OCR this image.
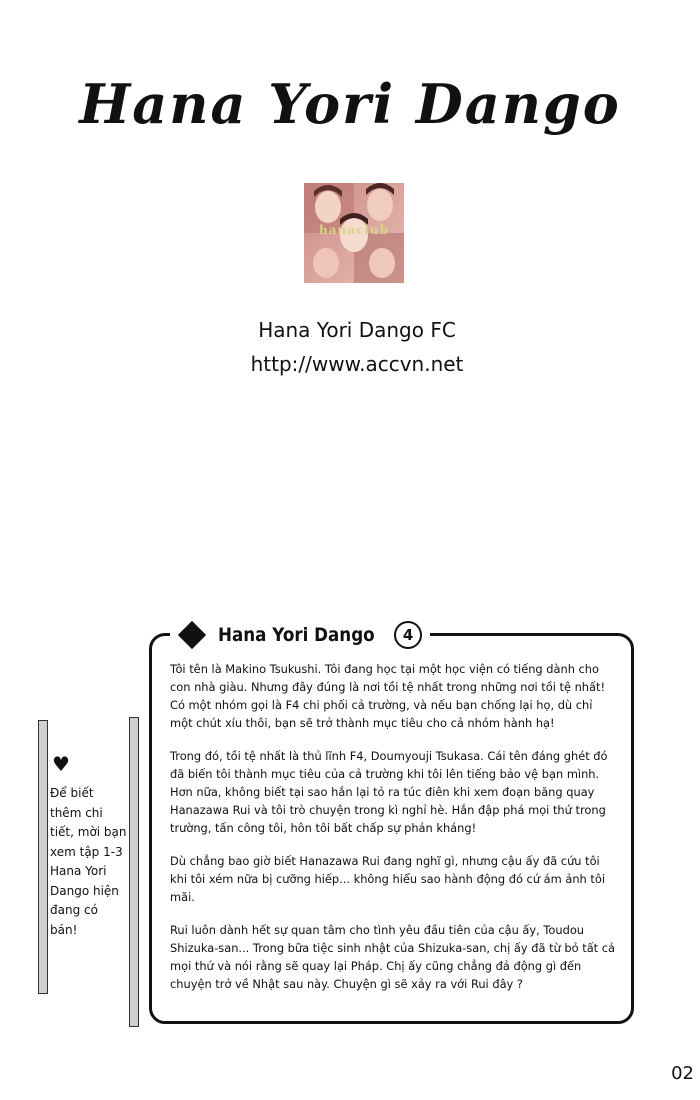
Hana Yori Dango
hanaclub
Hana Yori Dango FC
http://www.accvn.net
♥
Để biết thêm chi tiết, mời bạn xem tập 1-3 Hana Yori Dango hiện đang có bán!
Hana Yori Dango	4

Tôi tên là Makino Tsukushi. Tôi đang học tại một học viện có tiếng dành cho con nhà giàu. Nhưng đây đúng là nơi tồi tệ nhất trong những nơi tồi tệ nhất! Có một nhóm gọi là F4 chi phối cả trường, và nếu bạn chống lại họ, dù chỉ một chút xíu thôi, bạn sẽ trở thành mục tiêu cho cả nhóm hành hạ!

Trong đó, tồi tệ nhất là thủ lĩnh F4, Doumyouji Tsukasa. Cái tên đáng ghét đó đã biến tôi thành mục tiêu của cả trường khi tôi lên tiếng bảo vệ bạn mình. Hơn nữa, không biết tại sao hắn lại tỏ ra túc điên khi xem đoạn băng quay Hanazawa Rui và tôi trò chuyện trong kì nghỉ hè. Hắn đập phá mọi thứ trong trường, tấn công tôi, hôn tôi bất chấp sự phản kháng!

Dù chẳng bao giờ biết Hanazawa Rui đang nghĩ gì, nhưng cậu ấy đã cứu tôi khi tôi xém nữa bị cưỡng hiếp... không hiểu sao hành động đó cứ ám ảnh tôi mãi.

Rui luôn dành hết sự quan tâm cho tình yêu đầu tiên của cậu ấy, Toudou Shizuka-san... Trong bữa tiệc sinh nhật của Shizuka-san, chị ấy đã từ bỏ tất cả mọi thứ và nói rằng sẽ quay lại Pháp. Chị ấy cũng chẳng đả động gì đến chuyện trở về Nhật sau này. Chuyện gì sẽ xảy ra với Rui đây ?

02
